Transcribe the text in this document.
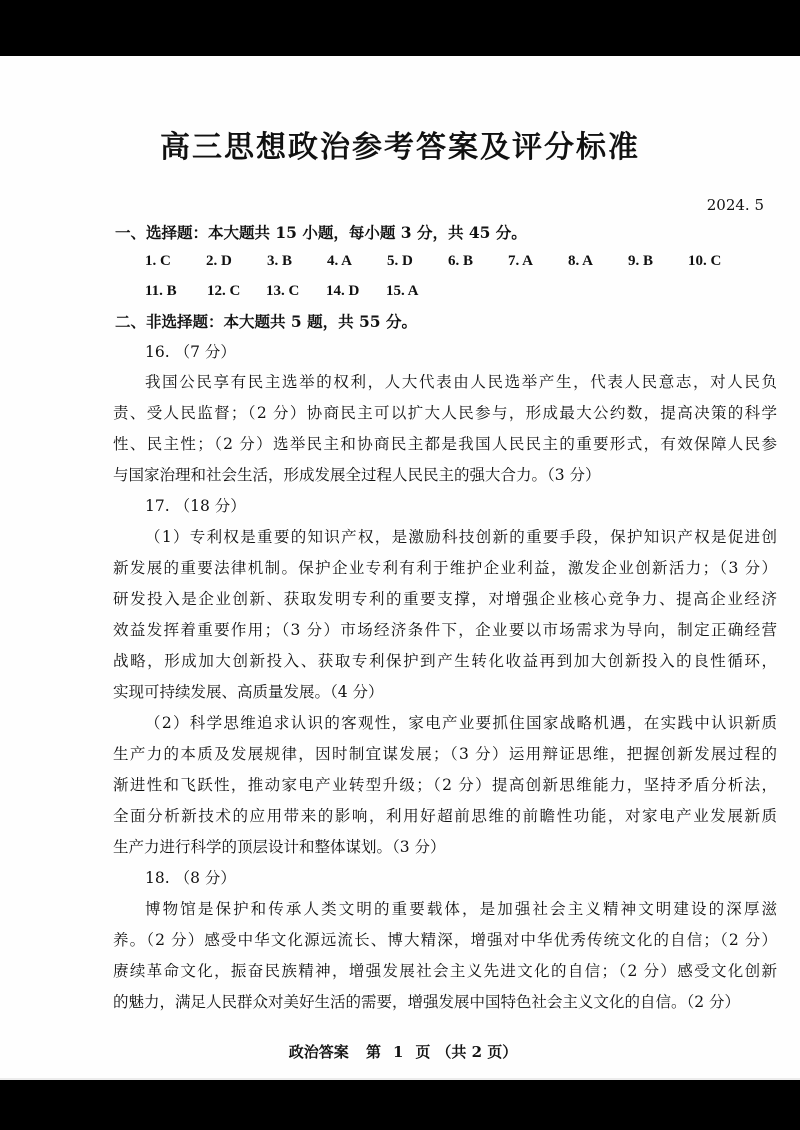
高三思想政治参考答案及评分标准
2024. 5
一、选择题：本大题共 15 小题，每小题 3 分，共 45 分。
1. C 2. D 3. B 4. A 5. D 6. B 7. A 8. A 9. B 10. C
11. B 12. C 13. C 14. D 15. A
二、非选择题：本大题共 5 题，共 55 分。
16. （7 分）
我国公民享有民主选举的权利，人大代表由人民选举产生，代表人民意志，对人民负
责、受人民监督；（2 分）协商民主可以扩大人民参与，形成最大公约数，提高决策的科学
性、民主性；（2 分）选举民主和协商民主都是我国人民民主的重要形式，有效保障人民参
与国家治理和社会生活，形成发展全过程人民民主的强大合力。（3 分）
17. （18 分）
（1）专利权是重要的知识产权，是激励科技创新的重要手段，保护知识产权是促进创
新发展的重要法律机制。保护企业专利有利于维护企业利益，激发企业创新活力；（3 分）
研发投入是企业创新、获取发明专利的重要支撑，对增强企业核心竞争力、提高企业经济
效益发挥着重要作用；（3 分）市场经济条件下，企业要以市场需求为导向，制定正确经营
战略，形成加大创新投入、获取专利保护到产生转化收益再到加大创新投入的良性循环，
实现可持续发展、高质量发展。（4 分）
（2）科学思维追求认识的客观性，家电产业要抓住国家战略机遇，在实践中认识新质
生产力的本质及发展规律，因时制宜谋发展；（3 分）运用辩证思维，把握创新发展过程的
渐进性和飞跃性，推动家电产业转型升级；（2 分）提高创新思维能力，坚持矛盾分析法，
全面分析新技术的应用带来的影响，利用好超前思维的前瞻性功能，对家电产业发展新质
生产力进行科学的顶层设计和整体谋划。（3 分）
18. （8 分）
博物馆是保护和传承人类文明的重要载体，是加强社会主义精神文明建设的深厚滋
养。（2 分）感受中华文化源远流长、博大精深，增强对中华优秀传统文化的自信；（2 分）
赓续革命文化，振奋民族精神，增强发展社会主义先进文化的自信；（2 分）感受文化创新
的魅力，满足人民群众对美好生活的需要，增强发展中国特色社会主义文化的自信。（2 分）
政治答案 第 1 页 （共 2 页）
